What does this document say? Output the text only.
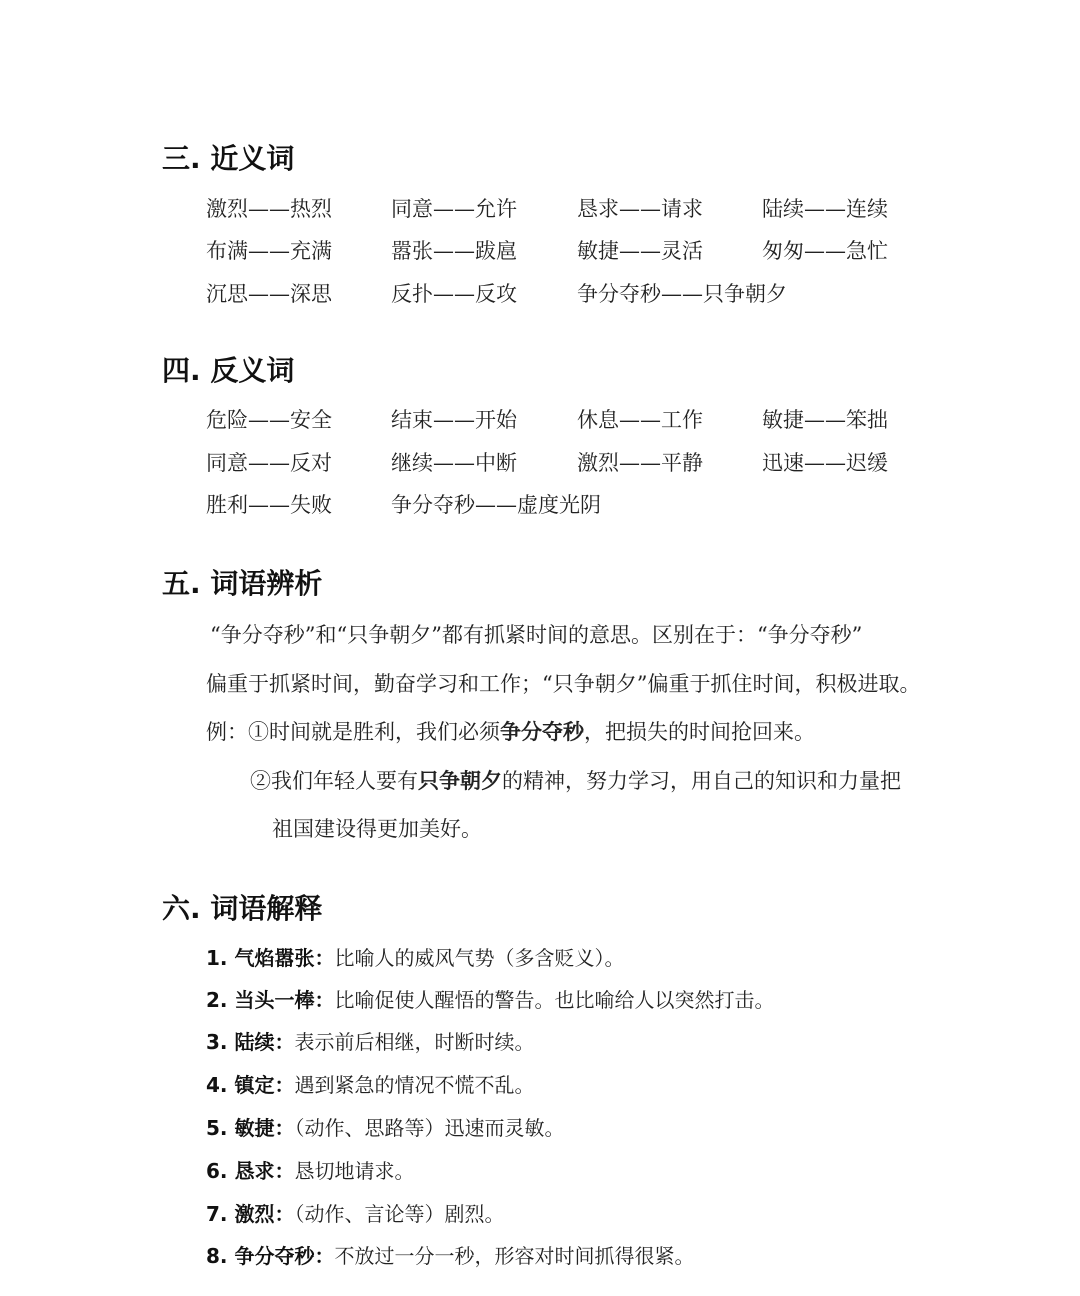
三. 近义词
激烈——热烈	同意——允许	恳求——请求	陆续——连续
布满——充满	嚣张——跋扈	敏捷——灵活	匆匆——急忙
沉思——深思	反扑——反攻	争分夺秒——只争朝夕
四. 反义词
危险——安全	结束——开始	休息——工作	敏捷——笨拙
同意——反对	继续——中断	激烈——平静	迅速——迟缓
胜利——失败	争分夺秒——虚度光阴
五. 词语辨析
“争分夺秒”和“只争朝夕”都有抓紧时间的意思。区别在于：“争分夺秒”
偏重于抓紧时间，勤奋学习和工作；“只争朝夕”偏重于抓住时间，积极进取。
例：①时间就是胜利，我们必须争分夺秒，把损失的时间抢回来。
②我们年轻人要有只争朝夕的精神，努力学习，用自己的知识和力量把
祖国建设得更加美好。
六. 词语解释
1. 气焰嚣张：比喻人的威风气势（多含贬义）。
2. 当头一棒：比喻促使人醒悟的警告。也比喻给人以突然打击。
3. 陆续：表示前后相继，时断时续。
4. 镇定：遇到紧急的情况不慌不乱。
5. 敏捷：（动作、思路等）迅速而灵敏。
6. 恳求：恳切地请求。
7. 激烈：（动作、言论等）剧烈。
8. 争分夺秒：不放过一分一秒，形容对时间抓得很紧。
